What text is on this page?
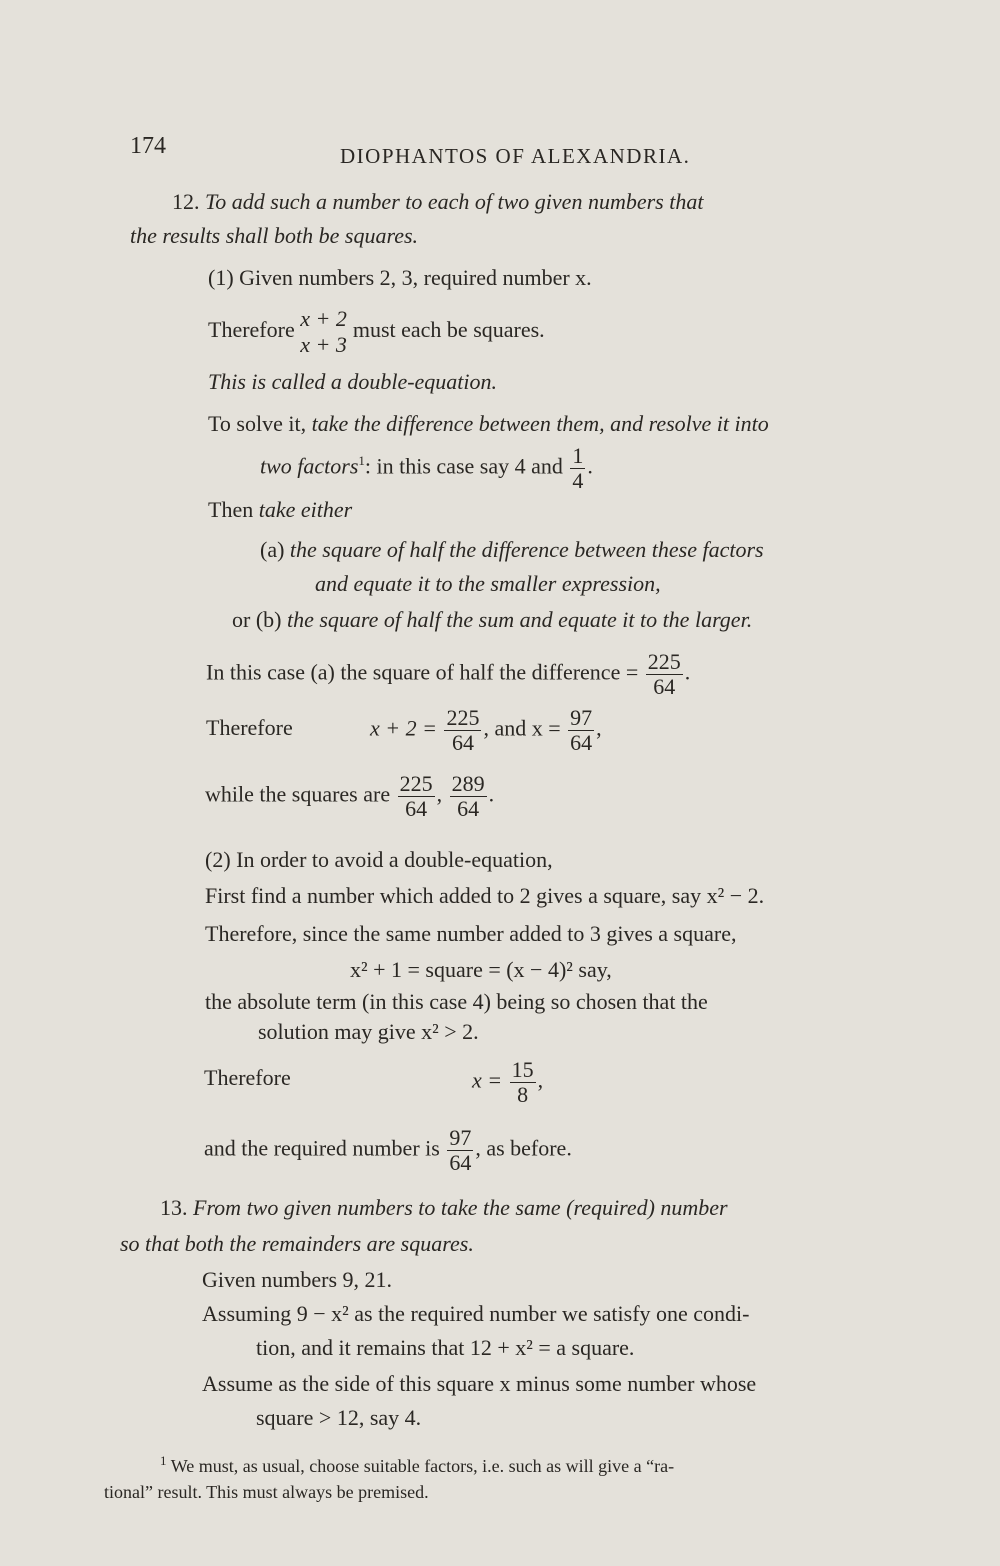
174	DIOPHANTOS OF ALEXANDRIA.
12. To add such a number to each of two given numbers that
the results shall both be squares.
(1) Given numbers 2, 3, required number x.
Therefore x + 2
x + 3
must each be squares.
This is called a double-equation.
To solve it, take the difference between them, and resolve it into
two factors$^1$: in this case say 4 and $\frac{1}{4}$ .
Then take either
(a) the square of half the difference between these factors
and equate it to the smaller expression,
or (b) the square of half the sum and equate it to the larger.
In this case (a) the square of half the difference = $\frac{225}{64}$ .
Therefore	$x + 2 = \frac{225}{64}$ , and $x = \frac{97}{64}$ ,
while the squares are $\frac{225}{64}$ , $\frac{289}{64}$ .
(2) In order to avoid a double-equation,
First find a number which added to 2 gives a square, say x² − 2.
Therefore, since the same number added to 3 gives a square,
x² + 1 = square = (x − 4)² say,
the absolute term (in this case 4) being so chosen that the
solution may give x² > 2.
Therefore	$x = \frac{15}{8}$ ,
and the required number is $\frac{97}{64}$ , as before.
13. From two given numbers to take the same (required) number
so that both the remainders are squares.
Given numbers 9, 21.
Assuming 9 − x² as the required number we satisfy one condi-
tion, and it remains that 12 + x² = a square.
Assume as the side of this square x minus some number whose
square > 12, say 4.
$^1$ We must, as usual, choose suitable factors, i.e. such as will give a “ra-
tional” result. This must always be premised.
